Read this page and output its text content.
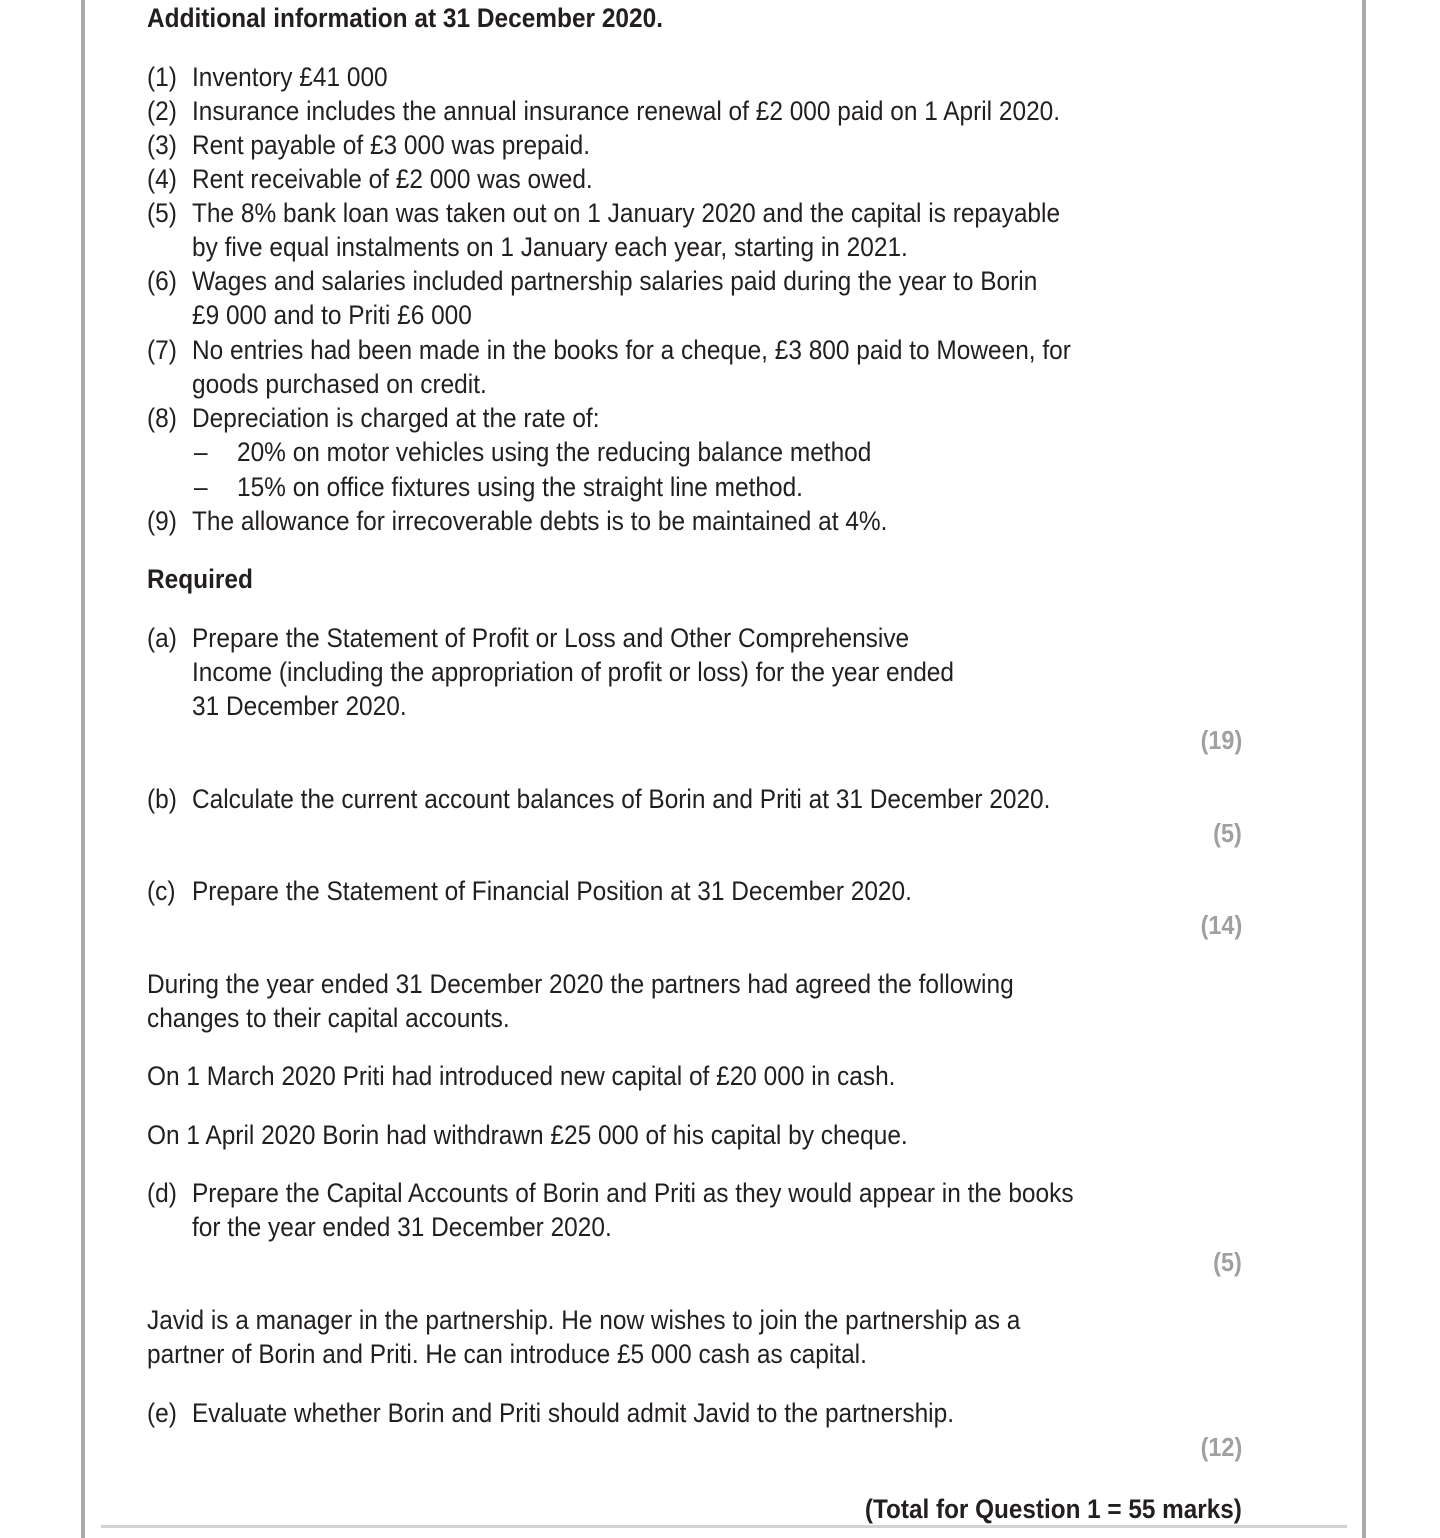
Additional information at 31 December 2020.
(1) Inventory £41 000
(2) Insurance includes the annual insurance renewal of £2 000 paid on 1 April 2020.
(3) Rent payable of £3 000 was prepaid.
(4) Rent receivable of £2 000 was owed.
(5) The 8% bank loan was taken out on 1 January 2020 and the capital is repayable
by five equal instalments on 1 January each year, starting in 2021.
(6) Wages and salaries included partnership salaries paid during the year to Borin
£9 000 and to Priti £6 000
(7) No entries had been made in the books for a cheque, £3 800 paid to Moween, for
goods purchased on credit.
(8) Depreciation is charged at the rate of:
– 20% on motor vehicles using the reducing balance method
– 15% on office fixtures using the straight line method.
(9) The allowance for irrecoverable debts is to be maintained at 4%.
Required
(a) Prepare the Statement of Profit or Loss and Other Comprehensive
Income (including the appropriation of profit or loss) for the year ended
31 December 2020.
(19)
(b) Calculate the current account balances of Borin and Priti at 31 December 2020.
(5)
(c) Prepare the Statement of Financial Position at 31 December 2020.
(14)
During the year ended 31 December 2020 the partners had agreed the following
changes to their capital accounts.
On 1 March 2020 Priti had introduced new capital of £20 000 in cash.
On 1 April 2020 Borin had withdrawn £25 000 of his capital by cheque.
(d) Prepare the Capital Accounts of Borin and Priti as they would appear in the books
for the year ended 31 December 2020.
(5)
Javid is a manager in the partnership. He now wishes to join the partnership as a
partner of Borin and Priti. He can introduce £5 000 cash as capital.
(e) Evaluate whether Borin and Priti should admit Javid to the partnership.
(12)
(Total for Question 1 = 55 marks)
